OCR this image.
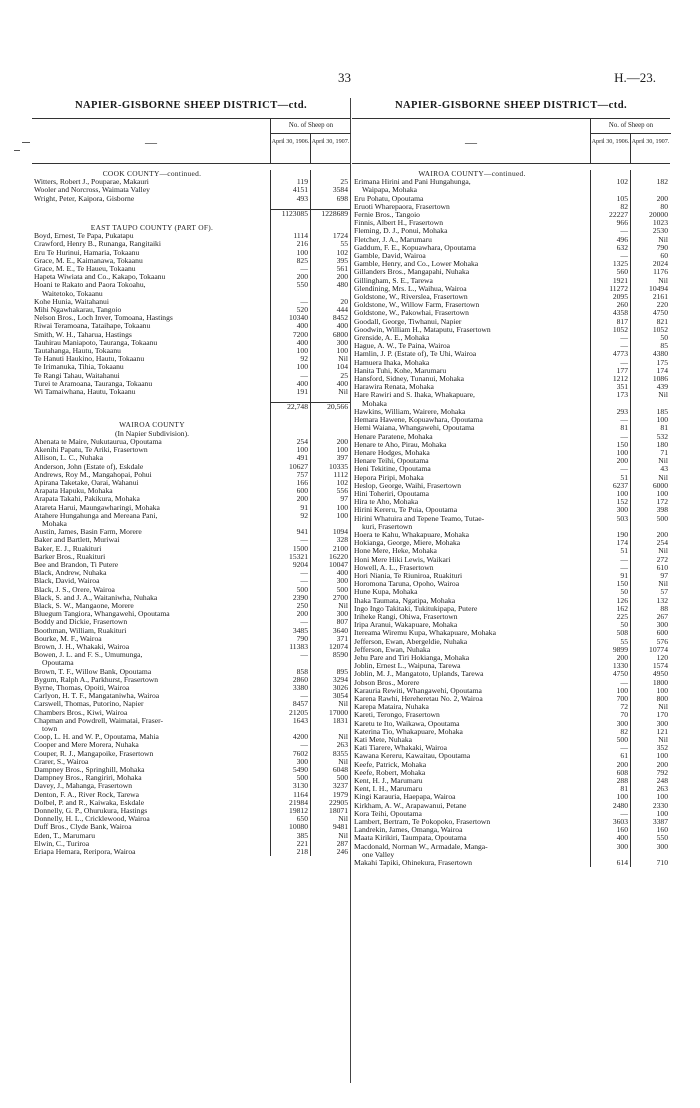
33	H.—23.
NAPIER-GISBORNE SHEEP DISTRICT—ctd.
—
No. of Sheep on
April 30, 1906. April 30, 1907.
COOK COUNTY—continued.
Witters, Robert J., Pouparae, Makauri	119	25
Wooler and Norcross, Waimata Valley	4151	3584
Wright, Peter, Kaipora, Gisborne	493	698
1123085	1228689
EAST TAUPO COUNTY (PART OF).
Boyd, Ernest, Te Papa, Pukatapu	1114	1724
Crawford, Henry B., Runanga, Rangitaiki	216	55
Eru Te Hurinui, Hamaria, Tokaanu	100	102
Grace, M. E., Kaimanawa, Tokaanu	825	395
Grace, M. E., Te Haueu, Tokaanu	—	561
Hapeta Wiwiata and Co., Kakapo, Tokaanu	200	200
Hoani te Rakato and Paora Tokoahu,	550	480
Waitetoko, Tokaanu
Kohe Hunia, Waitahanui	—	20
Mihi Ngawhakarau, Tangoio	520	444
Nelson Bros., Loch Inver, Tomoana, Hastings	10340	8452
Riwai Teramoana, Tataihape, Tokaanu	400	400
Smith, W. H., Taharua, Hastings	7200	6800
Tauhirau Maniapoto, Tauranga, Tokaanu	400	300
Tautahanga, Hautu, Tokaanu	100	100
Te Hanuti Haukino, Hautu, Tokaanu	92	Nil
Te Irimanuka, Tihia, Tokaanu	100	104
Te Rangi Tahau, Waitahanui	—	25
Turei te Aramoana, Tauranga, Tokaanu	400	400
Wi Tamaiwhana, Hautu, Tokaanu	191	Nil
22,748	20,566
WAIROA COUNTY
(In Napier Subdivision).
Ahenata te Maire, Nukutaurua, Opoutama	254	200
Akenihi Papatu, Te Ariki, Frasertown	100	100
Allison, L. C., Nuhaka	491	397
Anderson, John (Estate of), Eskdale	10627	10335
Andrews, Roy M., Mangahopai, Pohui	757	1112
Apirana Taketake, Oarai, Wahanui	166	102
Arapata Hapuku, Mohaka	600	556
Arapata Takahi, Pakikura, Mohaka	200	97
Atareta Harui, Maungawharingi, Mohaka	91	100
Atahere Hungahunga and Mereana Pani,	92	100
Mohaka
Austin, James, Basin Farm, Morere	941	1094
Baker and Bartlett, Muriwai	—	328
Baker, E. J., Ruakituri	1500	2100
Barker Bros., Ruakituri	15321	16220
Bee and Brandon, Ti Putere	9204	10047
Black, Andrew, Nuhaka	—	400
Black, David, Wairoa	—	300
Black, J. S., Orere, Wairoa	500	500
Black, S. and J. A., Waitaniwha, Nuhaka	2390	2700
Black, S. W., Mangaone, Morere	250	Nil
Bluegum Tangiora, Whangawehi, Opoutama	200	300
Boddy and Dickie, Frasertown	—	807
Boothman, William, Ruakituri	3485	3640
Bourke, M. F., Wairoa	790	371
Brown, J. H., Whakaki, Wairoa	11383	12074
Bowen, J. L. and F. S., Umumunga,	—	8590
Opoutama
Brown, T. F., Willow Bank, Opoutama	858	895
Bygum, Ralph A., Parkhurst, Frasertown	2860	3294
Byrne, Thomas, Opoiti, Wairoa	3380	3026
Carlyon, H. T. F., Mangataniwha, Wairoa	—	3054
Carswell, Thomas, Putorino, Napier	8457	Nil
Chambers Bros., Kiwi, Wairoa	21205	17000
Chapman and Powdrell, Waimatai, Fraser-	1643	1831
town
Coop, L. H. and W. P., Opoutama, Mahia	4200	Nil
Cooper and Mere Morera, Nuhaka	—	263
Couper, R. J., Mangapoike, Frasertown	7602	8355
Crarer, S., Wairoa	300	Nil
Dampney Bros., Springhill, Mohaka	5490	6048
Dampney Bros., Rangiriri, Mohaka	500	500
Davey, J., Mahanga, Frasertown	3130	3237
Denton, F. A., River Rock, Tarewa	1164	1979
Dolbel, P. and R., Kaiwaka, Eskdale	21984	22905
Donnelly, G. P., Ohurukura, Hastings	19812	18071
Donnelly, H. L., Cricklewood, Wairoa	650	Nil
Duff Bros., Clyde Bank, Wairoa	10080	9481
Eden, T., Marumaru	385	Nil
Elwin, C., Turiroa	221	287
Eriapa Hemara, Reripora, Wairoa	218	246
NAPIER-GISBORNE SHEEP DISTRICT—ctd.
—
No. of Sheep on
April 30, 1906. April 30, 1907.
WAIROA COUNTY—continued.
Erimana Hirini and Pani Hungahunga,	102	182
Waipapa, Mohaka
Eru Pohatu, Opoutama	105	200
Eruoti Wharepaora, Frasertown	82	80
Fernie Bros., Tangoio	22227	20000
Finnis, Albert H., Frasertown	966	1023
Fleming, D. J., Ponui, Mohaka	—	2530
Fletcher, J. A., Marumaru	496	Nil
Gaddum, F. E., Kopuawhara, Opoutama	632	790
Gamble, David, Wairoa	—	60
Gamble, Henry, and Co., Lower Mohaka	1325	2024
Gillanders Bros., Mangapahi, Nuhaka	560	1176
Gillingham, S. E., Tarewa	1921	Nil
Glendining, Mrs. L., Waihua, Wairoa	11272	10494
Goldstone, W., Riverslea, Frasertown	2095	2161
Goldstone, W., Willow Farm, Frasertown	260	220
Goldstone, W., Pakowhai, Frasertown	4358	4750
Goodall, George, Tiwhanui, Napier	817	821
Goodwin, William H., Mataputu, Frasertown	1052	1052
Grenside, A. E., Mohaka	—	50
Hague, A. W., Te Paina, Wairoa	—	85
Hamlin, J. P. (Estate of), Te Uhi, Wairoa	4773	4380
Hamuera Ihaka, Mohaka	—	175
Hanita Tuhi, Kohe, Marumaru	177	174
Hansford, Sidney, Tunanui, Mohaka	1212	1086
Harawira Renata, Mohaka	351	439
Hare Rawiri and S. Ihaka, Whakapuare,	173	Nil
Mohaka
Hawkins, William, Wairere, Mohaka	293	185
Hemara Hawene, Kopuawhara, Opoutama	—	100
Hemi Waiana, Whangawehi, Opoutama	81	81
Henare Paratene, Mohaka	—	532
Henare te Aho, Pirau, Mohaka	150	180
Henare Hodges, Mohaka	100	71
Henare Teihi, Opoutama	200	Nil
Heni Tekitine, Opoutama	—	43
Hepora Piripi, Mohaka	51	Nil
Heslop, George, Waihi, Frasertown	6237	6000
Hini Toheriri, Opoutama	100	100
Hira te Aho, Mohaka	152	172
Hirini Kereru, Te Puia, Opoutama	300	398
Hirini Whatuira and Tepene Teamo, Tutae-	503	500
kuri, Frasertown
Hoera te Kahu, Whakapuare, Mohaka	190	200
Hokianga, George, Miere, Mohaka	174	254
Hone Mere, Heke, Mohaka	51	Nil
Honi Mere Hiki Lewis, Waikari	—	272
Howell, A. L., Frasertown	—	610
Hori Niania, Te Riuniroa, Ruakituri	91	97
Horomona Taruna, Opoho, Wairoa	150	Nil
Hune Kupa, Mohaka	50	57
Ihaka Taumata, Ngatipa, Mohaka	126	132
Ingo Ingo Takitaki, Tukitukipapa, Putere	162	88
Iriheke Rangi, Ohiwa, Frasertown	225	267
Iripa Aranui, Wakapuare, Mohaka	50	300
Itereama Wiremu Kupa, Whakapuare, Mohaka	508	600
Jefferson, Ewan, Abergeldie, Nuhaka	55	576
Jefferson, Ewan, Nuhaka	9899	10774
Jehu Pare and Tiri Hokianga, Mohaka	200	120
Joblin, Ernest L., Waipuna, Tarewa	1330	1574
Joblin, M. J., Mangatoto, Uplands, Tarewa	4750	4950
Jobson Bros., Morere	—	1800
Karauria Rewiti, Whangawehi, Opoutama	100	100
Karena Rawhi, Hereheretau No. 2, Wairoa	700	800
Karepa Mataira, Nuhaka	72	Nil
Kareti, Terongo, Frasertown	70	170
Karetu te Ito, Waikawa, Opoutama	300	300
Katerina Tio, Whakapuare, Mohaka	82	121
Kati Mete, Nuhaka	500	Nil
Kati Tiarere, Whakaki, Wairoa	—	352
Kawana Kereru, Kawaitau, Opoutama	61	100
Keefe, Patrick, Mohaka	200	200
Keefe, Robert, Mohaka	608	792
Kent, H. J., Marumaru	288	248
Kent, I. H., Marumaru	81	263
Kingi Karauria, Haepapa, Wairoa	100	100
Kirkham, A. W., Arapawanui, Petane	2480	2330
Kora Teihi, Opoutama	—	100
Lambert, Bertram, Te Pokopoko, Frasertown	3603	3387
Landrekin, James, Omanga, Wairoa	160	160
Maata Kirikiri, Taumpata, Opoutama	400	550
Macdonald, Norman W., Armadale, Manga-	300	300
one Valley
Makahi Tapiki, Ohinekura, Frasertown	614	710
